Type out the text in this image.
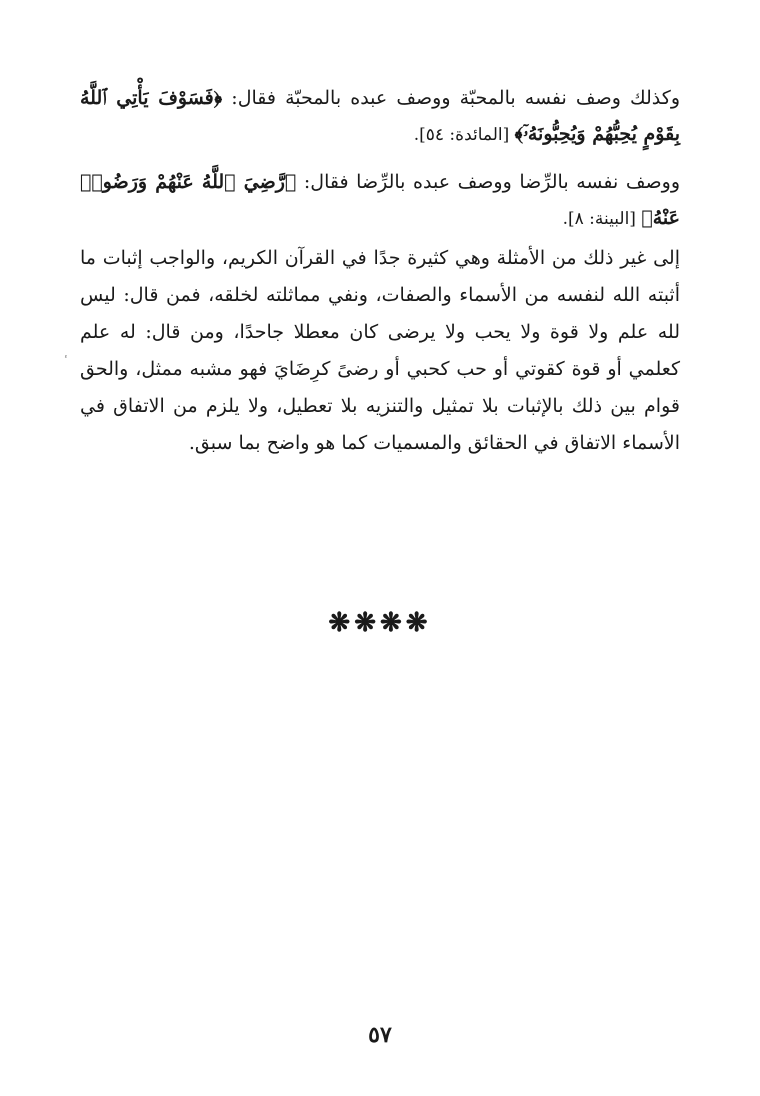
وكذلك وصف نفسه بالمحبّة ووصف عبده بالمحبّة فقال: ﴿فَسَوْفَ يَأْتِي ٱللَّهُ بِقَوْمٍ يُحِبُّهُمْ وَيُحِبُّونَهُۥٓ﴾ [المائدة: ٥٤].

ووصف نفسه بالرِّضا ووصف عبده بالرِّضا فقال: ﴿رَّضِيَ ٱللَّهُ عَنْهُمْ وَرَضُوا۟ عَنْهُ﴾ [البينة: ٨].

إلى غير ذلك من الأمثلة وهي كثيرة جدًا في القرآن الكريم، والواجب إثبات ما أثبته الله لنفسه من الأسماء والصفات، ونفي مماثلته لخلقه، فمن قال: ليس لله علم ولا قوة ولا يحب ولا يرضى كان معطلا جاحدًا، ومن قال: له علم كعلمي أو قوة كقوتي أو حب كحبي أو رضىً كرِضَايَ فهو مشبه ممثل، والحق قوام بين ذلك بالإثبات بلا تمثيل والتنزيه بلا تعطيل، ولا يلزم من الاتفاق في الأسماء الاتفاق في الحقائق والمسميات كما هو واضح بما سبق.

❋❋❋❋
٥٧
